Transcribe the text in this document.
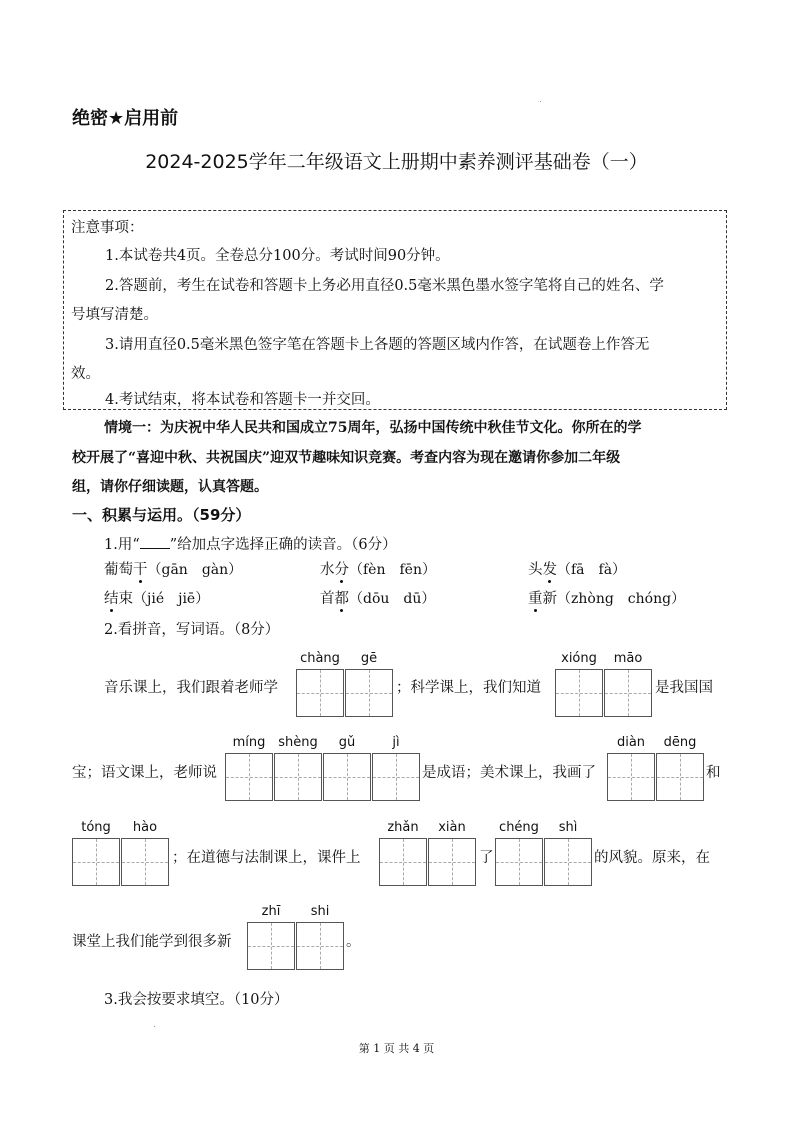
绝密★启用前
2024-2025学年二年级语文上册期中素养测评基础卷（一）
注意事项：
1.本试卷共4页。全卷总分100分。考试时间90分钟。
2.答题前，考生在试卷和答题卡上务必用直径0.5毫米黑色墨水签字笔将自己的姓名、学
号填写清楚。
3.请用直径0.5毫米黑色签字笔在答题卡上各题的答题区域内作答，在试题卷上作答无
效。
4.考试结束，将本试卷和答题卡一并交回。
情境一：为庆祝中华人民共和国成立75周年，弘扬中国传统中秋佳节文化。你所在的学
校开展了“喜迎中秋、共祝国庆”迎双节趣味知识竞赛。考查内容为现在邀请你参加二年级
组，请你仔细读题，认真答题。
一、积累与运用。（59分）
1.用“ ”给加点字选择正确的读音。（6分）
葡萄干（gān　gàn）	水分（fèn　fēn）	头发（fā　fà）
结束（jié　jiē）	首都（dōu　dū）	重新（zhòng　chóng）
2.看拼音，写词语。（8分）
音乐课上，我们跟着老师学
chàng	gē
；科学课上，我们知道
xióng	māo
是我国国
宝；语文课上，老师说
míng shèng	gǔ	jì
是成语；美术课上，我画了
diàn	dēng
和
tóng	hào
；在道德与法制课上，课件上
zhǎn	xiàn
了
chéng	shì
的风貌。原来，在
课堂上我们能学到很多新
zhī	shi
。
3.我会按要求填空。（10分）
第 1 页 共 4 页
